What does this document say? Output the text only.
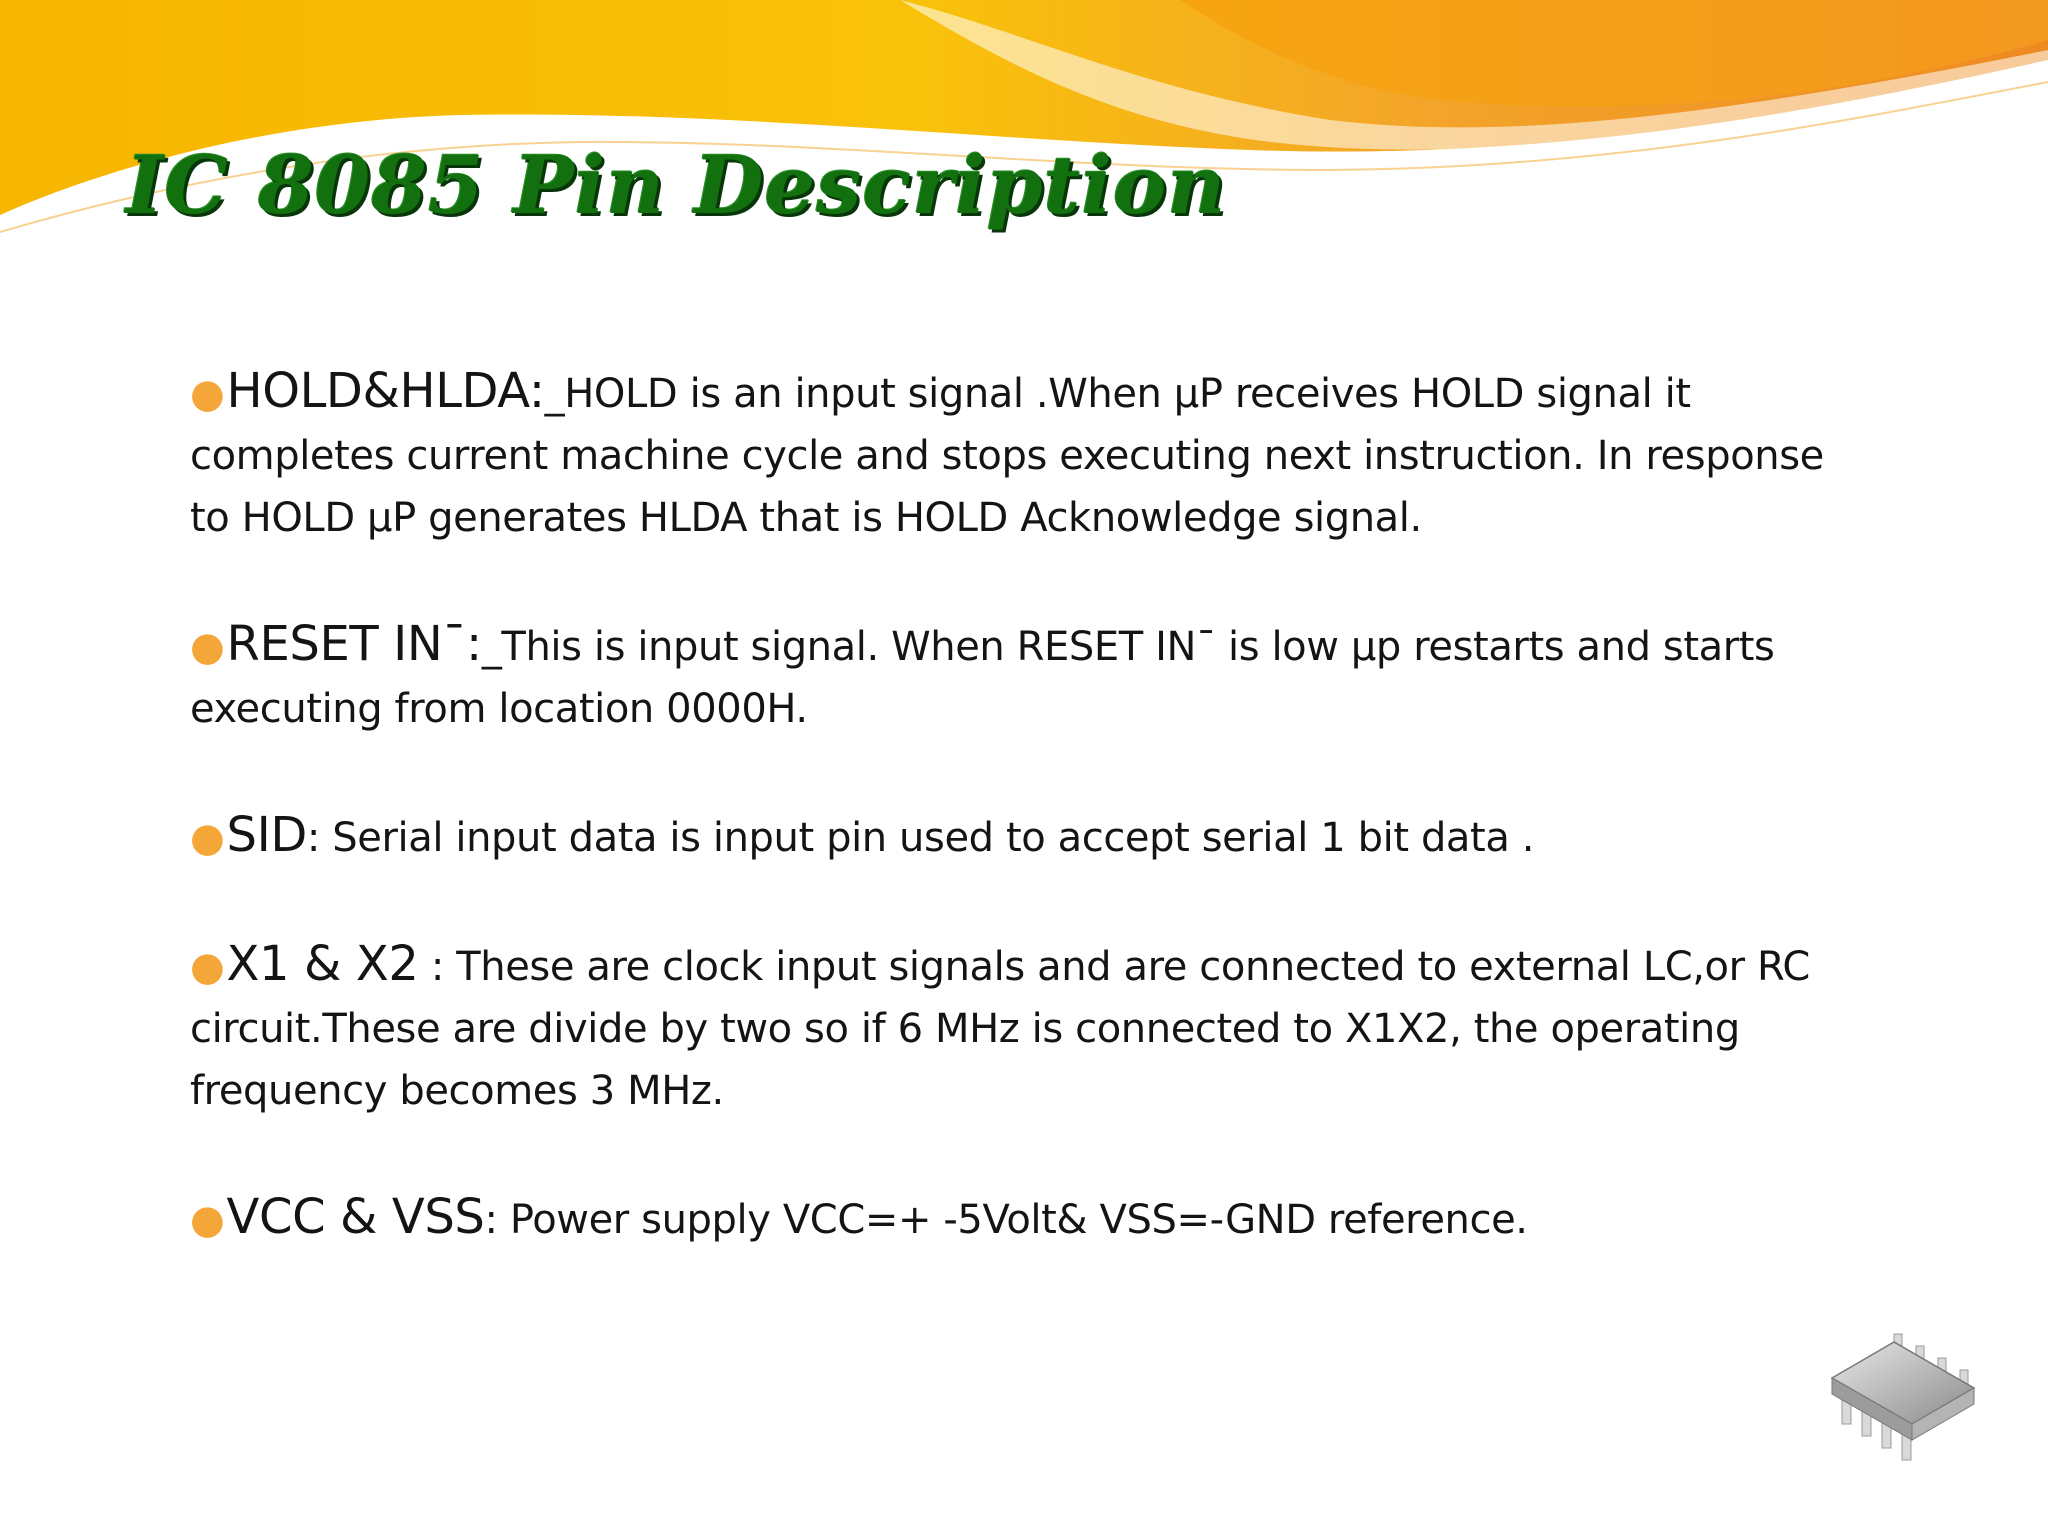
IC 8085 Pin Description
●HOLD&HLDA:_HOLD is an input signal .When µP receives HOLD signal it completes current machine cycle and stops executing next instruction. In response to HOLD µP generates HLDA that is HOLD Acknowledge signal.
●RESET IN¯:_This is input signal. When RESET IN¯ is low µp restarts and starts executing from location 0000H.
●SID: Serial input data is input pin used to accept serial 1 bit data .
●X1 & X2 : These are clock input signals and are connected to external LC,or RC circuit.These are divide by two so if 6 MHz is connected to X1X2, the operating frequency becomes 3 MHz.
●VCC & VSS: Power supply VCC=+ -5Volt& VSS=-GND reference.
